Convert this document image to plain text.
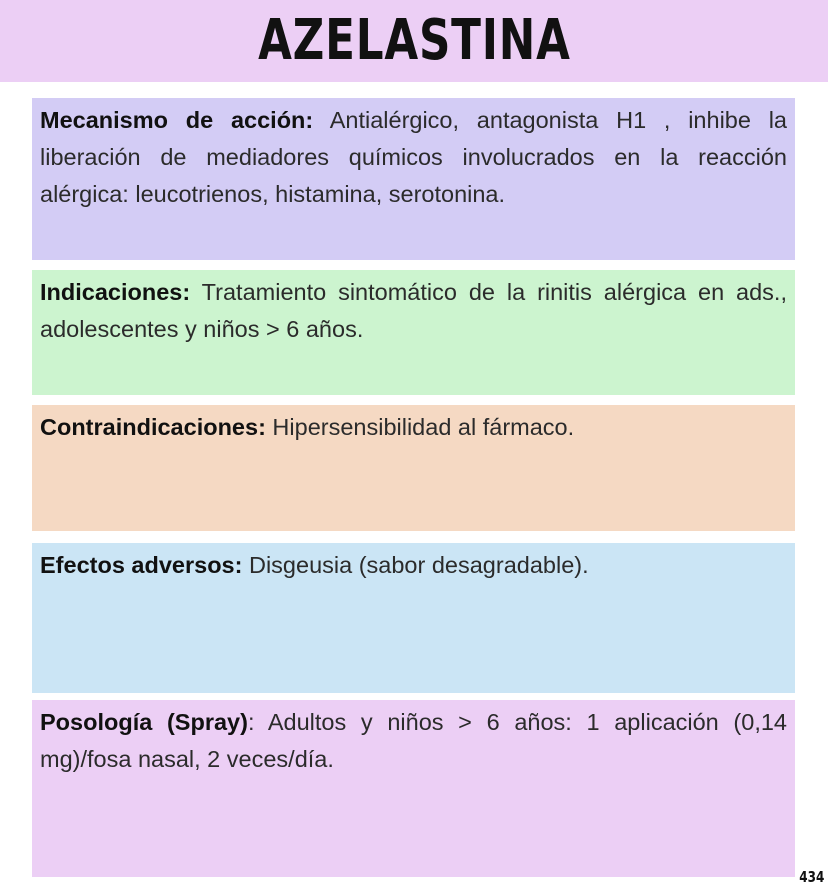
AZELASTINA
Mecanismo de acción: Antialérgico, antagonista H1 , inhibe la liberación de mediadores químicos involucrados en la reacción alérgica: leucotrienos, histamina, serotonina.
Indicaciones: Tratamiento sintomático de la rinitis alérgica en ads., adolescentes y niños > 6 años.
Contraindicaciones: Hipersensibilidad al fármaco.
Efectos adversos: Disgeusia (sabor desagradable).
Posología (Spray): Adultos y niños > 6 años: 1 aplicación (0,14 mg)/fosa nasal, 2 veces/día.
434
